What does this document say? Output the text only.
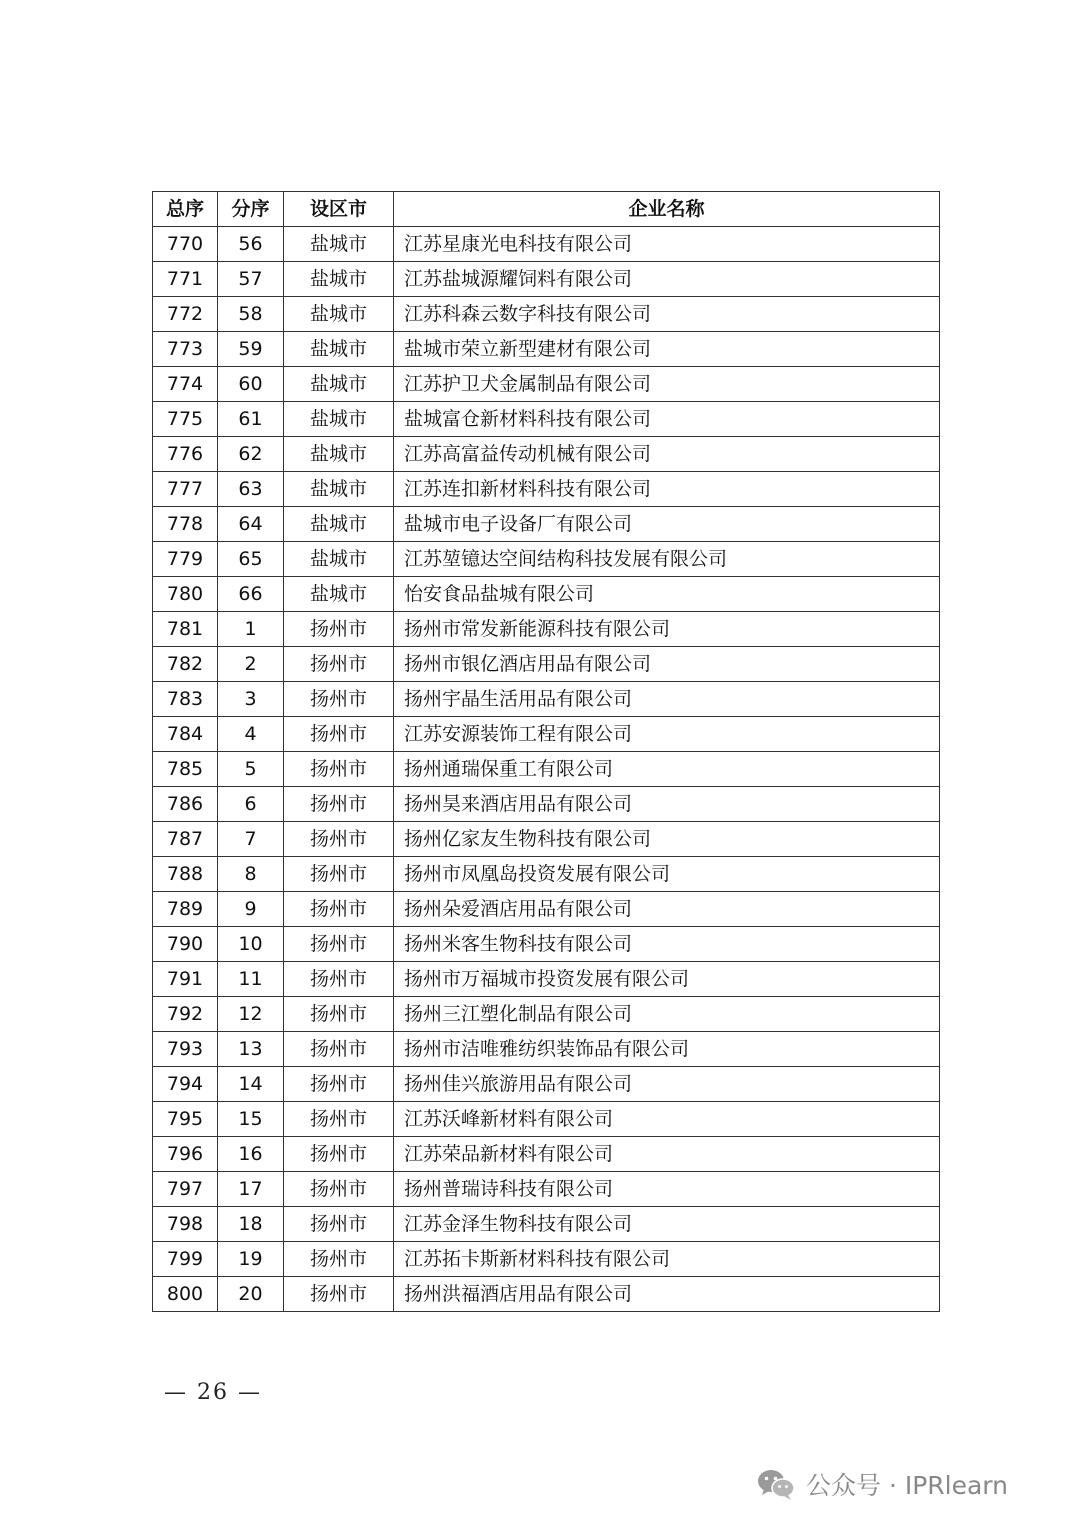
总序	分序	设区市	企业名称
770	56	盐城市	江苏星康光电科技有限公司
771	57	盐城市	江苏盐城源耀饲料有限公司
772	58	盐城市	江苏科森云数字科技有限公司
773	59	盐城市	盐城市荣立新型建材有限公司
774	60	盐城市	江苏护卫犬金属制品有限公司
775	61	盐城市	盐城富仓新材料科技有限公司
776	62	盐城市	江苏高富益传动机械有限公司
777	63	盐城市	江苏连扣新材料科技有限公司
778	64	盐城市	盐城市电子设备厂有限公司
779	65	盐城市	江苏堃镱达空间结构科技发展有限公司
780	66	盐城市	怡安食品盐城有限公司
781	1	扬州市	扬州市常发新能源科技有限公司
782	2	扬州市	扬州市银亿酒店用品有限公司
783	3	扬州市	扬州宇晶生活用品有限公司
784	4	扬州市	江苏安源装饰工程有限公司
785	5	扬州市	扬州通瑞保重工有限公司
786	6	扬州市	扬州昊来酒店用品有限公司
787	7	扬州市	扬州亿家友生物科技有限公司
788	8	扬州市	扬州市凤凰岛投资发展有限公司
789	9	扬州市	扬州朵爱酒店用品有限公司
790	10	扬州市	扬州米客生物科技有限公司
791	11	扬州市	扬州市万福城市投资发展有限公司
792	12	扬州市	扬州三江塑化制品有限公司
793	13	扬州市	扬州市洁唯雅纺织装饰品有限公司
794	14	扬州市	扬州佳兴旅游用品有限公司
795	15	扬州市	江苏沃峰新材料有限公司
796	16	扬州市	江苏荣品新材料有限公司
797	17	扬州市	扬州普瑞诗科技有限公司
798	18	扬州市	江苏金泽生物科技有限公司
799	19	扬州市	江苏拓卡斯新材料科技有限公司
800	20	扬州市	扬州洪福酒店用品有限公司
— 26 —
公众号 · IPRlearn
